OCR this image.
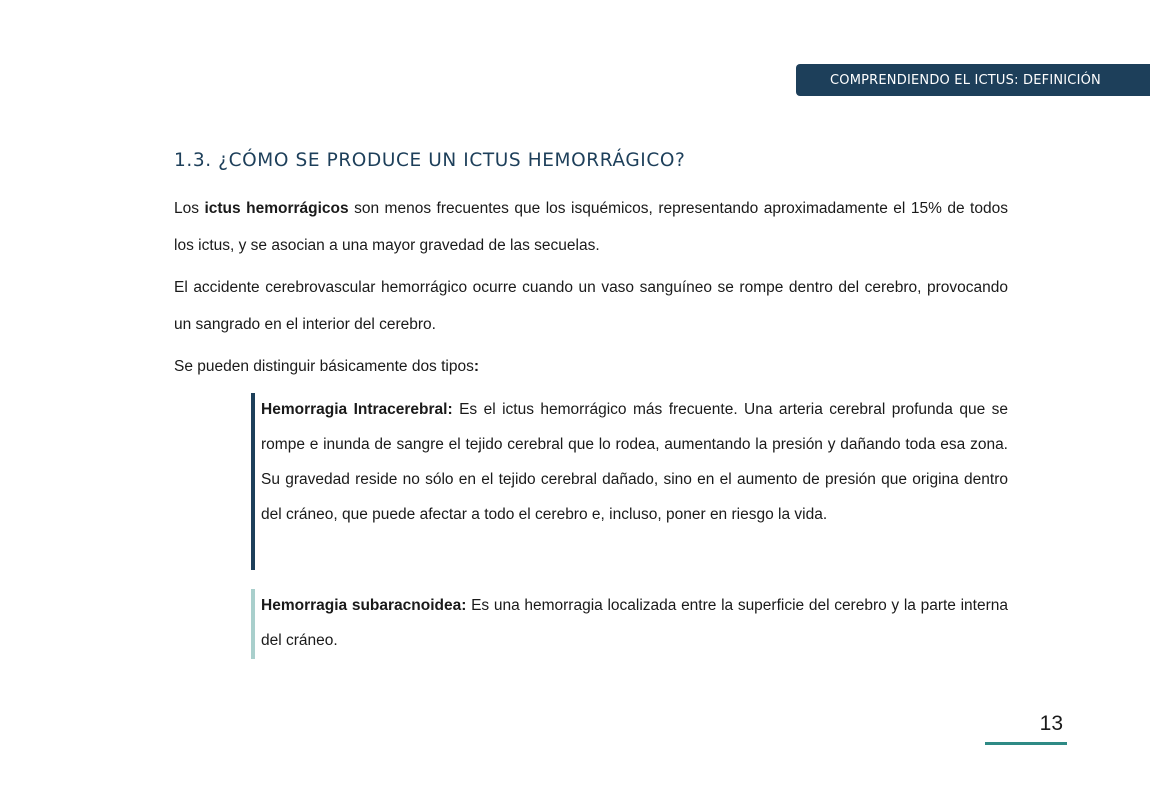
COMPRENDIENDO EL ICTUS: DEFINICIÓN
1.3. ¿CÓMO SE PRODUCE UN ICTUS HEMORRÁGICO?

Los ictus hemorrágicos son menos frecuentes que los isquémicos, representando aproximadamente el 15% de todos los ictus, y se asocian a una mayor gravedad de las secuelas.

El accidente cerebrovascular hemorrágico ocurre cuando un vaso sanguíneo se rompe dentro del cerebro, provocando un sangrado en el interior del cerebro.

Se pueden distinguir básicamente dos tipos:

Hemorragia Intracerebral: Es el ictus hemorrágico más frecuente. Una arteria cerebral profunda que se rompe e inunda de sangre el tejido cerebral que lo rodea, aumentando la presión y dañando toda esa zona. Su gravedad reside no sólo en el tejido cerebral dañado, sino en el aumento de presión que origina dentro del cráneo, que puede afectar a todo el cerebro e, incluso, poner en riesgo la vida.

Hemorragia subaracnoidea: Es una hemorragia localizada entre la superficie del cerebro y la parte interna del cráneo.

13
